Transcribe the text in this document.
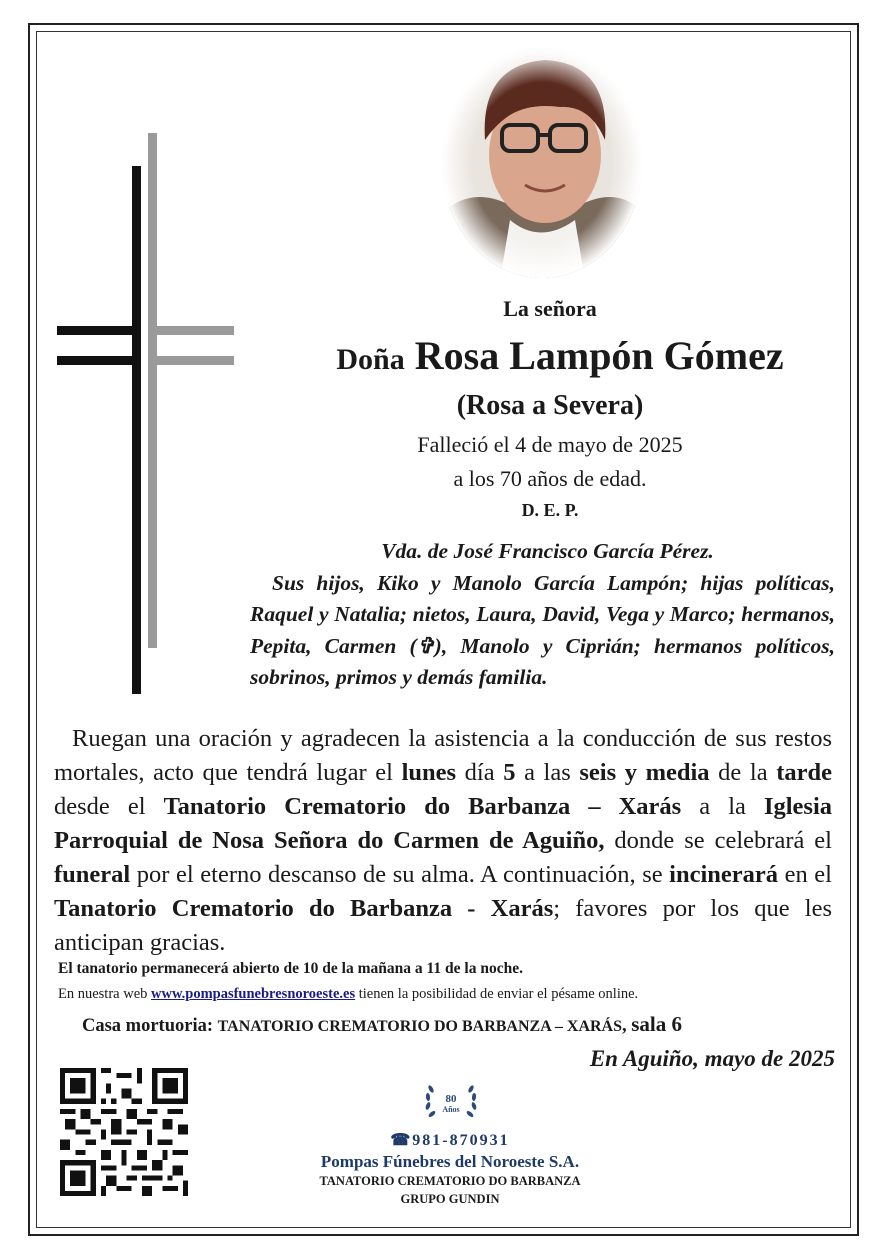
La señora
Doña Rosa Lampón Gómez
(Rosa a Severa)
Falleció el 4 de mayo de 2025
a los 70 años de edad.
D. E. P.
Vda. de José Francisco García Pérez.
Sus hijos, Kiko y Manolo García Lampón; hijas políticas, Raquel y Natalia; nietos, Laura, David, Vega y Marco; hermanos, Pepita, Carmen (✞), Manolo y Ciprián; hermanos políticos, sobrinos, primos y demás familia.

Ruegan una oración y agradecen la asistencia a la conducción de sus restos mortales, acto que tendrá lugar el lunes día 5 a las seis y media de la tarde desde el Tanatorio Crematorio do Barbanza – Xarás a la Iglesia Parroquial de Nosa Señora do Carmen de Aguiño, donde se celebrará el funeral por el eterno descanso de su alma. A continuación, se incinerará en el Tanatorio Crematorio do Barbanza - Xarás; favores por los que les anticipan gracias.

El tanatorio permanecerá abierto de 10 de la mañana a 11 de la noche.
En nuestra web www.pompasfunebresnoroeste.es tienen la posibilidad de enviar el pésame online.
Casa mortuoria: TANATORIO CREMATORIO DO BARBANZA – XARÁS, sala 6
En Aguiño, mayo de 2025
80
Años
☎981-870931
Pompas Fúnebres del Noroeste S.A.
TANATORIO CREMATORIO DO BARBANZA
GRUPO GUNDIN
